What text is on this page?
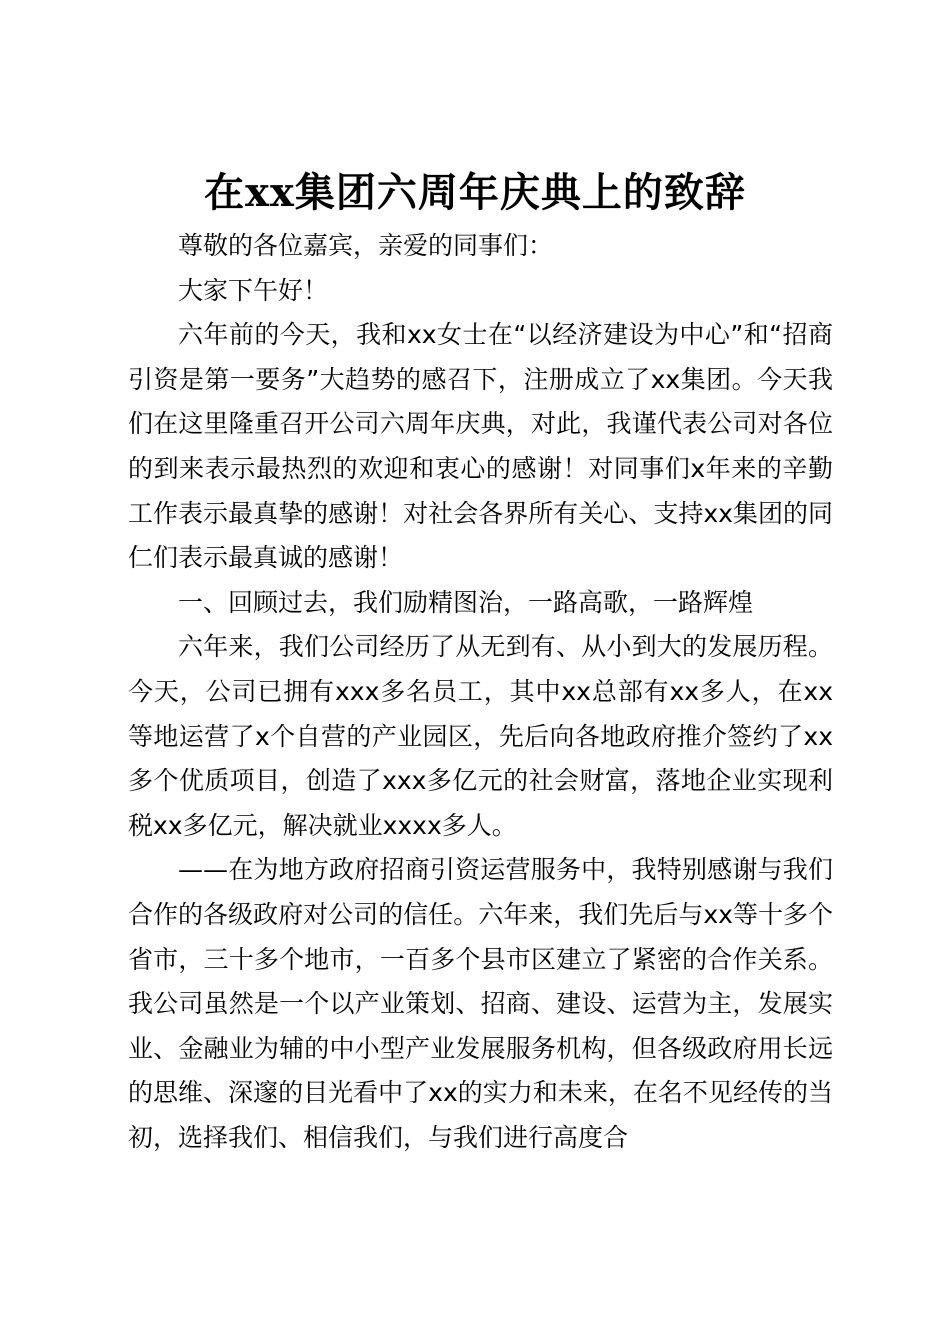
在xx集团六周年庆典上的致辞

尊敬的各位嘉宾，亲爱的同事们：

大家下午好！

六年前的今天，我和xx女士在“以经济建设为中心”和“招商引资是第一要务”大趋势的感召下，注册成立了xx集团。今天我们在这里隆重召开公司六周年庆典，对此，我谨代表公司对各位的到来表示最热烈的欢迎和衷心的感谢！对同事们x年来的辛勤工作表示最真挚的感谢！对社会各界所有关心、支持xx集团的同仁们表示最真诚的感谢！

一、回顾过去，我们励精图治，一路高歌，一路辉煌

六年来，我们公司经历了从无到有、从小到大的发展历程。今天，公司已拥有xxx多名员工，其中xx总部有xx多人，在xx等地运营了x个自营的产业园区，先后向各地政府推介签约了xx多个优质项目，创造了xxx多亿元的社会财富，落地企业实现利税xx多亿元，解决就业xxxx多人。

——在为地方政府招商引资运营服务中，我特别感谢与我们合作的各级政府对公司的信任。六年来，我们先后与xx等十多个省市，三十多个地市，一百多个县市区建立了紧密的合作关系。我公司虽然是一个以产业策划、招商、建设、运营为主，发展实业、金融业为辅的中小型产业发展服务机构，但各级政府用长远的思维、深邃的目光看中了xx的实力和未来，在名不见经传的当初，选择我们、相信我们，与我们进行高度合
